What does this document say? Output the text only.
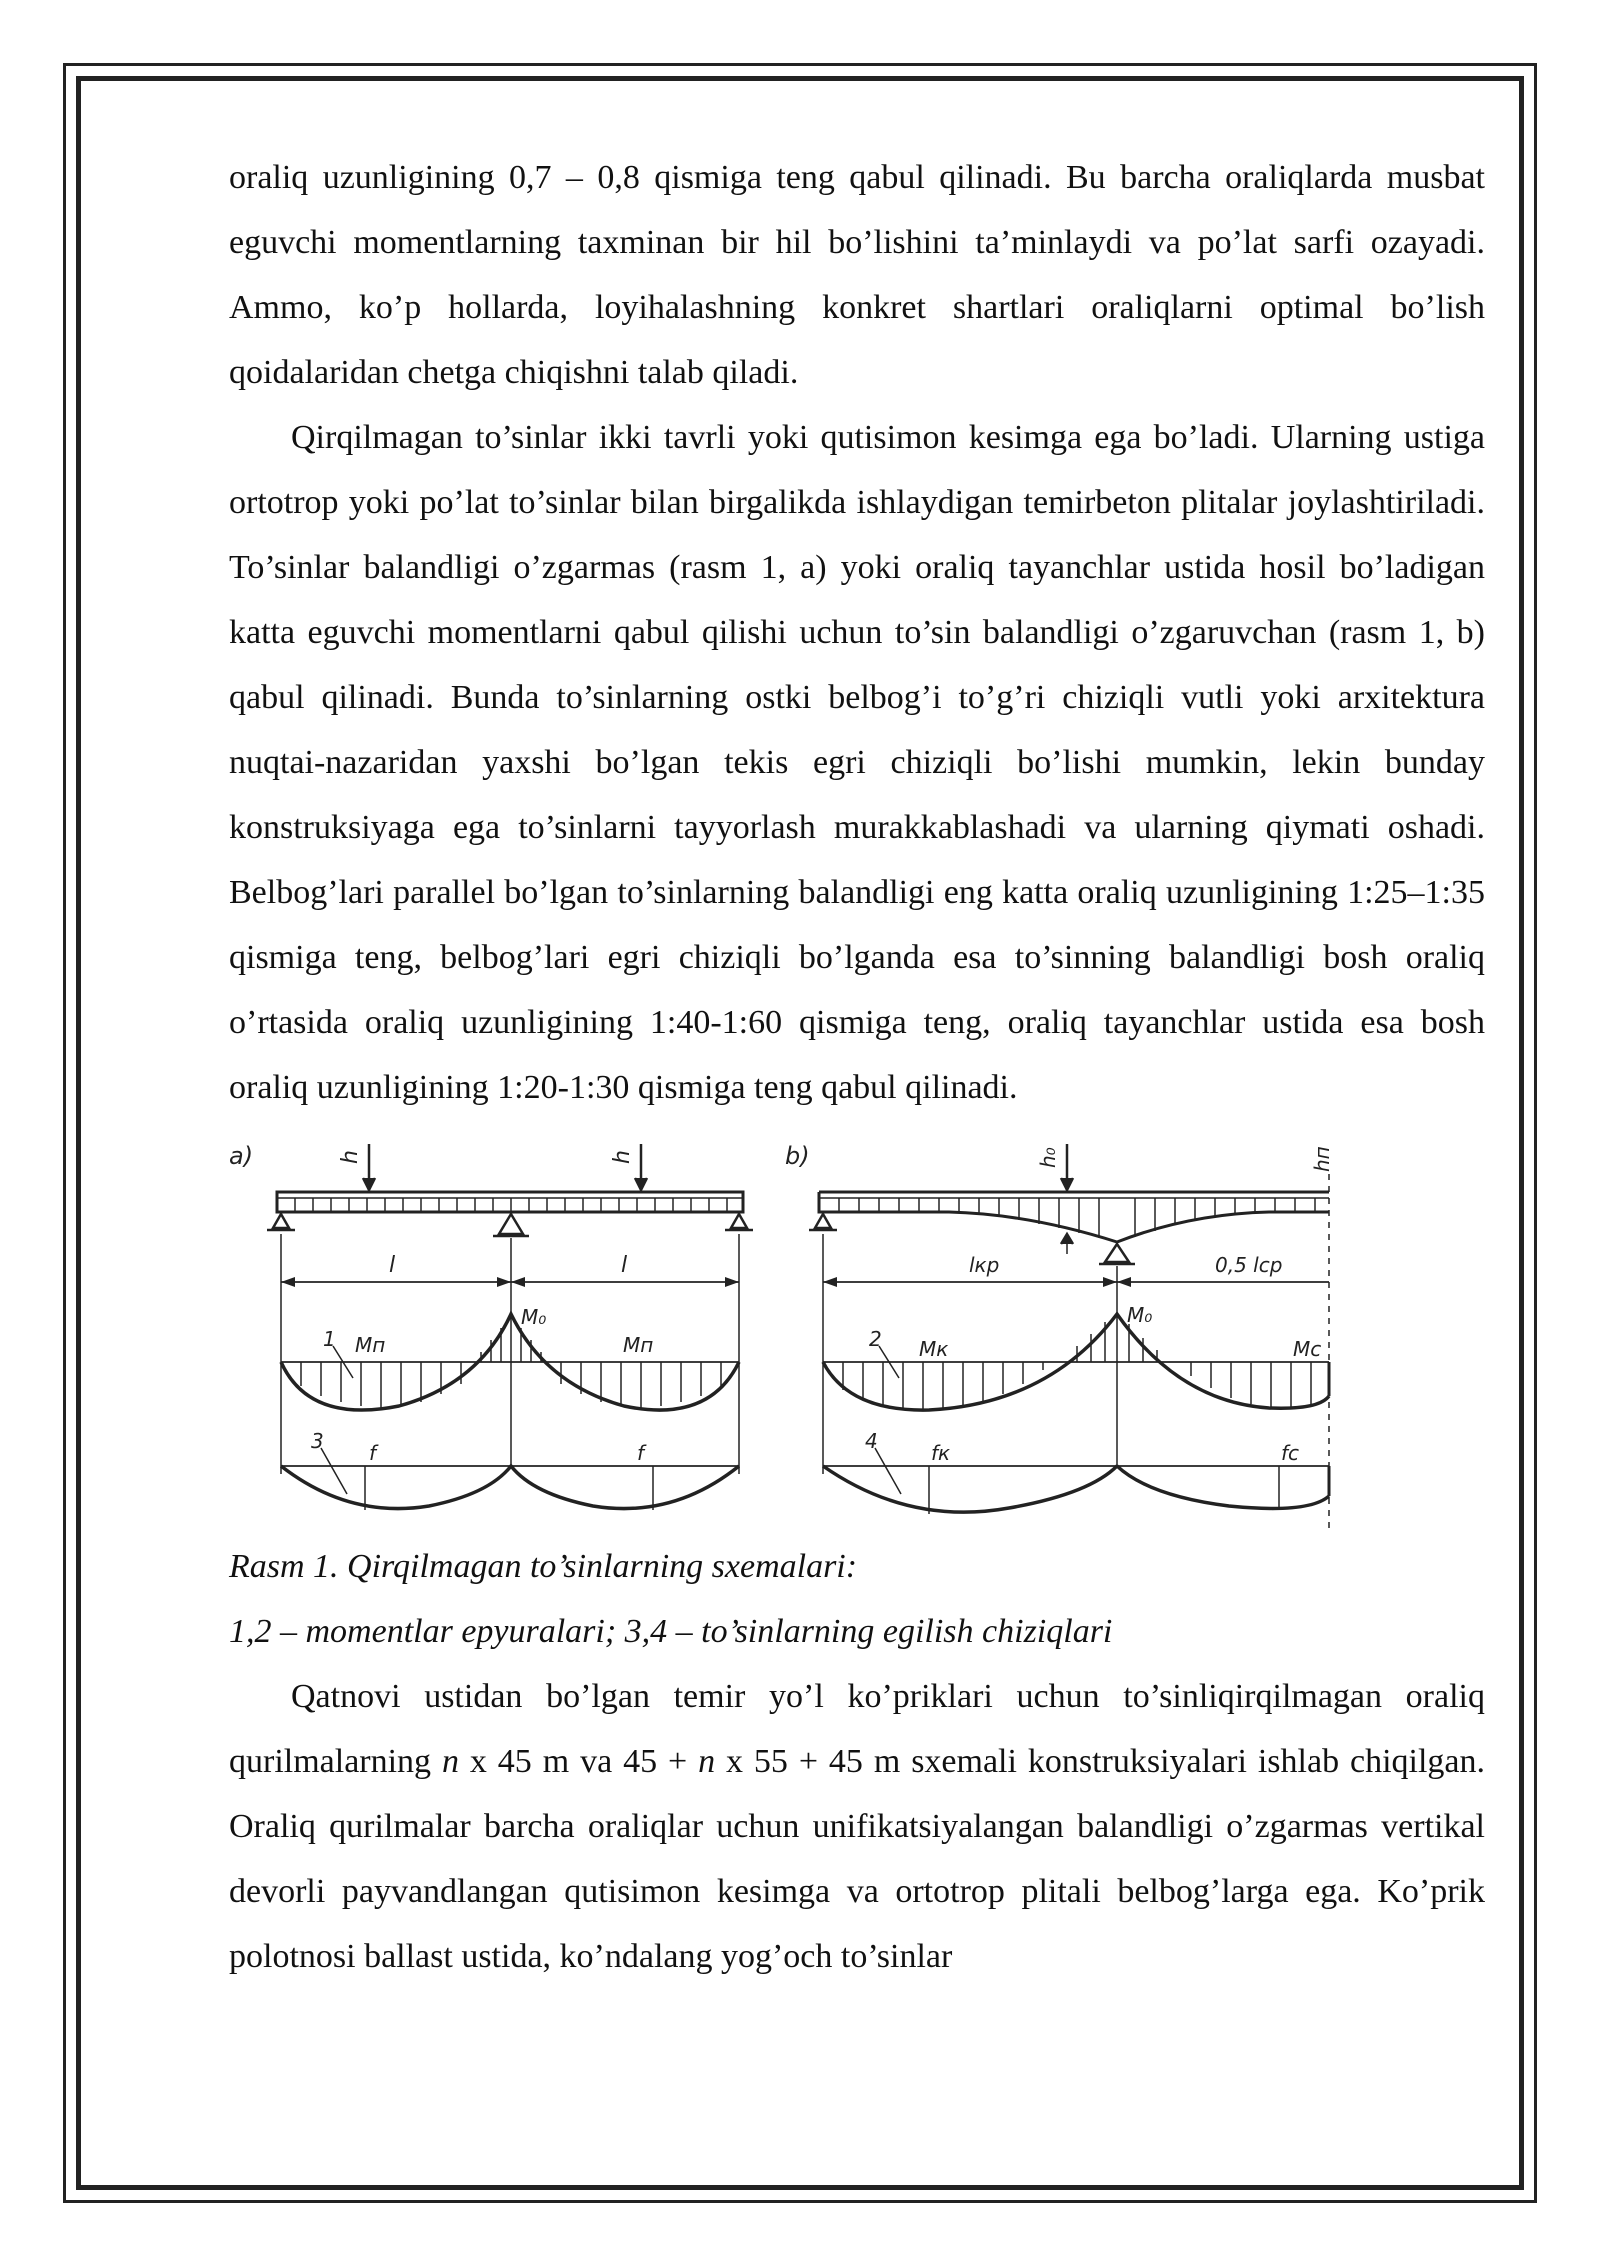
oraliq uzunligining 0,7 – 0,8 qismiga teng qabul qilinadi. Bu barcha oraliqlarda musbat eguvchi momentlarning taxminan bir hil bo’lishini ta’minlaydi va po’lat sarfi ozayadi. Ammo, ko’p hollarda, loyihalashning konkret shartlari oraliqlarni optimal bo’lish qoidalaridan chetga chiqishni talab qiladi.

Qirqilmagan to’sinlar ikki tavrli yoki qutisimon kesimga ega bo’ladi. Ularning ustiga ortotrop yoki po’lat to’sinlar bilan birgalikda ishlaydigan temirbeton plitalar joylashtiriladi. To’sinlar balandligi o’zgarmas (rasm 1, a) yoki oraliq tayanchlar ustida hosil bo’ladigan katta eguvchi momentlarni qabul qilishi uchun to’sin balandligi o’zgaruvchan (rasm 1, b) qabul qilinadi. Bunda to’sinlarning ostki belbog’i to’g’ri chiziqli vutli yoki arxitektura nuqtai-nazaridan yaxshi bo’lgan tekis egri chiziqli bo’lishi mumkin, lekin bunday konstruksiyaga ega to’sinlarni tayyorlash murakkablashadi va ularning qiymati oshadi. Belbog’lari parallel bo’lgan to’sinlarning balandligi eng katta oraliq uzunligining 1:25–1:35 qismiga teng, belbog’lari egri chiziqli bo’lganda esa to’sinning balandligi bosh oraliq o’rtasida oraliq uzunligining 1:40-1:60 qismiga teng, oraliq tayanchlar ustida esa bosh oraliq uzunligining 1:20-1:30 qismiga teng qabul qilinadi.

a)	h	h
l	l
M₀
Mп	Mп
1
f	f
3
b)	h₀	hп
lкр	0,5 lср
M₀
Mк	Mс
2
fк	fс
4

Rasm 1. Qirqilmagan to’sinlarning sxemalari:

1,2 – momentlar epyuralari; 3,4 – to’sinlarning egilish chiziqlari

Qatnovi ustidan bo’lgan temir yo’l ko’priklari uchun to’sinliqirqilmagan oraliq qurilmalarning n x 45 m va 45 + n x 55 + 45 m sxemali konstruksiyalari ishlab chiqilgan. Oraliq qurilmalar barcha oraliqlar uchun unifikatsiyalangan balandligi o’zgarmas vertikal devorli payvandlangan qutisimon kesimga va ortotrop plitali belbog’larga ega. Ko’prik polotnosi ballast ustida, ko’ndalang yog’och to’sinlar
